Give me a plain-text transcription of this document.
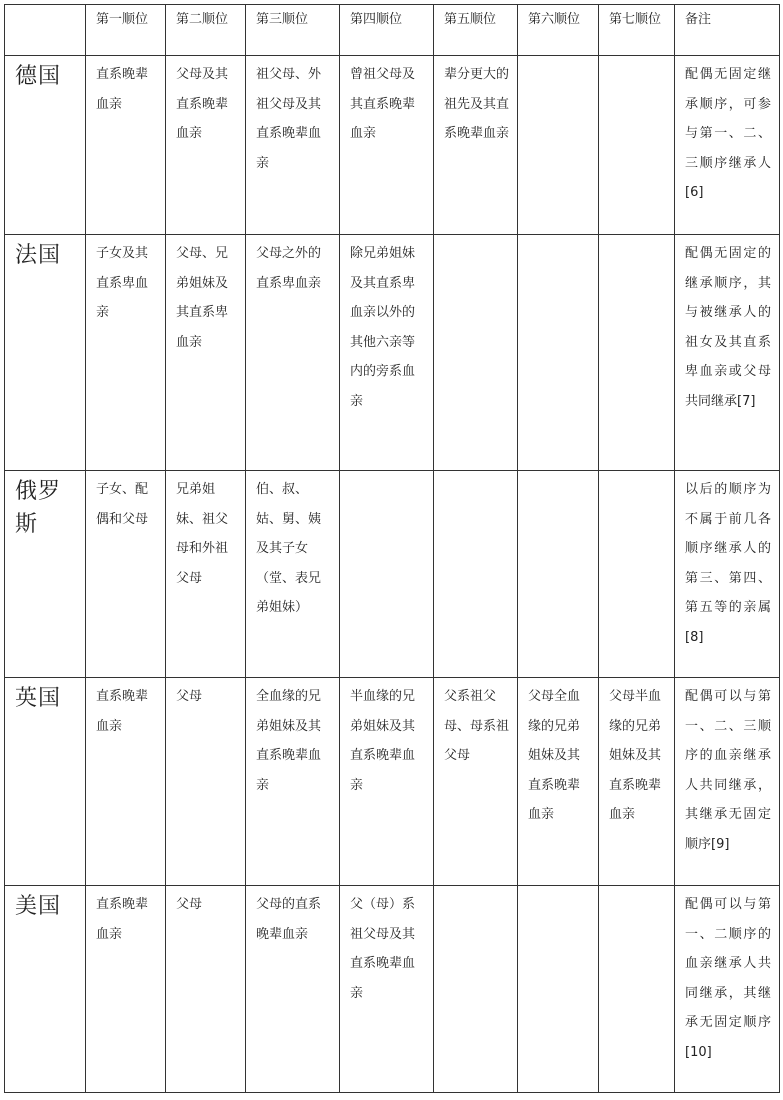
	第一顺位	第二顺位	第三顺位	第四顺位	第五顺位	第六顺位	第七顺位	备注
德国	直系晚辈血亲	父母及其直系晚辈血亲	祖父母、外祖父母及其直系晚辈血亲	曾祖父母及其直系晚辈血亲	辈分更大的祖先及其直系晚辈血亲			配偶无固定继承顺序，可参与第一、二、三顺序继承人[6]
法国	子女及其直系卑血亲	父母、兄弟姐妹及其直系卑血亲	父母之外的直系卑血亲	除兄弟姐妹及其直系卑血亲以外的其他六亲等内的旁系血亲				配偶无固定的继承顺序，其与被继承人的祖女及其直系卑血亲或父母共同继承[7]
俄罗斯	子女、配偶和父母	兄弟姐妹、祖父母和外祖父母	伯、叔、姑、舅、姨及其子女（堂、表兄弟姐妹）					以后的顺序为不属于前几各顺序继承人的第三、第四、第五等的亲属[8]
英国	直系晚辈血亲	父母	全血缘的兄弟姐妹及其直系晚辈血亲	半血缘的兄弟姐妹及其直系晚辈血亲	父系祖父母、母系祖父母	父母全血缘的兄弟姐妹及其直系晚辈血亲	父母半血缘的兄弟姐妹及其直系晚辈血亲	配偶可以与第一、二、三顺序的血亲继承人共同继承，其继承无固定顺序[9]
美国	直系晚辈血亲	父母	父母的直系晚辈血亲	父（母）系祖父母及其直系晚辈血亲				配偶可以与第一、二顺序的血亲继承人共同继承，其继承无固定顺序[10]
